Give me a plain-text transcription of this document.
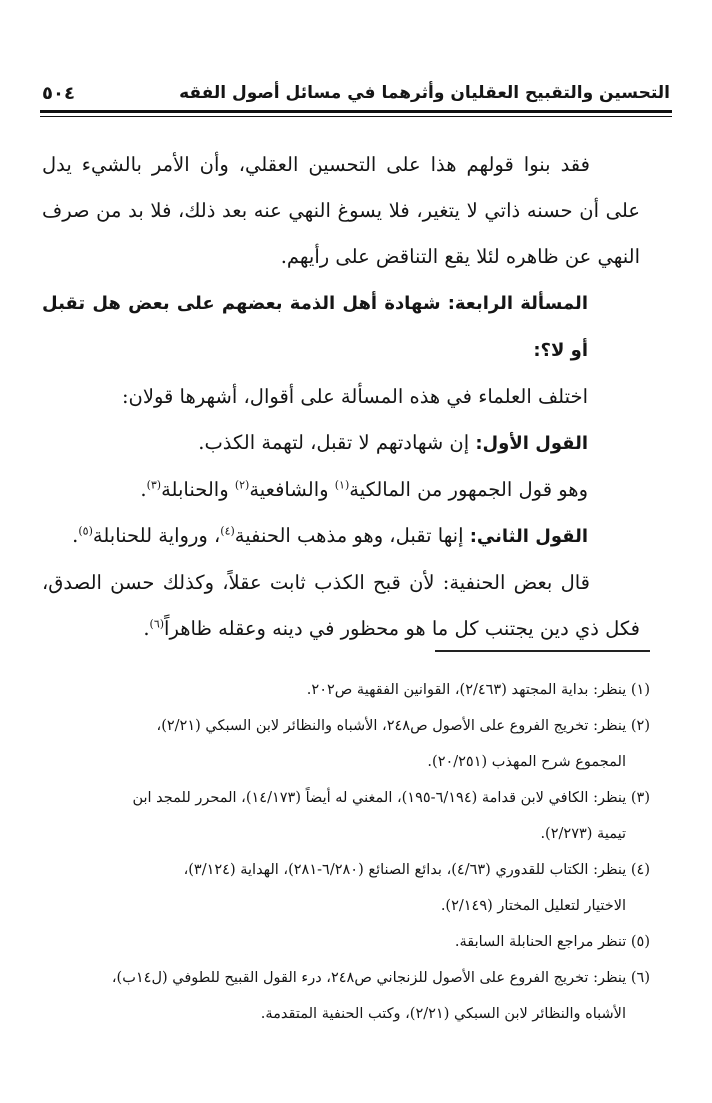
التحسين والتقبيح العقليان وأثرهما في مسائل أصول الفقه
٥٠٤

فقد بنوا قولهم هذا على التحسين العقلي، وأن الأمر بالشيء يدل على أن حسنه ذاتي لا يتغير، فلا يسوغ النهي عنه بعد ذلك، فلا بد من صرف النهي عن ظاهره لئلا يقع التناقض على رأيهم.

المسألة الرابعة: شهادة أهل الذمة بعضهم على بعض هل تقبل أو لا؟:

اختلف العلماء في هذه المسألة على أقوال، أشهرها قولان:

القول الأول: إن شهادتهم لا تقبل، لتهمة الكذب.

وهو قول الجمهور من المالكية$^{(١)}$ والشافعية$^{(٢)}$ والحنابلة$^{(٣)}$.

القول الثاني: إنها تقبل، وهو مذهب الحنفية$^{(٤)}$، ورواية للحنابلة$^{(٥)}$.

قال بعض الحنفية: لأن قبح الكذب ثابت عقلاً، وكذلك حسن الصدق، فكل ذي دين يجتنب كل ما هو محظور في دينه وعقله ظاهراً$^{(٦)}$.

(١) ينظر: بداية المجتهد (٢/٤٦٣)، القوانين الفقهية ص٢٠٢.

(٢) ينظر: تخريج الفروع على الأصول ص٢٤٨، الأشباه والنظائر لابن السبكي (٢/٢١)،
المجموع شرح المهذب (٢٠/٢٥١).

(٣) ينظر: الكافي لابن قدامة (٦/١٩٤-١٩٥)، المغني له أيضاً (١٤/١٧٣)، المحرر للمجد ابن
تيمية (٢/٢٧٣).

(٤) ينظر: الكتاب للقدوري (٤/٦٣)، بدائع الصنائع (٦/٢٨٠-٢٨١)، الهداية (٣/١٢٤)،
الاختيار لتعليل المختار (٢/١٤٩).

(٥) تنظر مراجع الحنابلة السابقة.

(٦) ينظر: تخريج الفروع على الأصول للزنجاني ص٢٤٨، درء القول القبيح للطوفي (ل١٤ب)،
الأشباه والنظائر لابن السبكي (٢/٢١)، وكتب الحنفية المتقدمة.
